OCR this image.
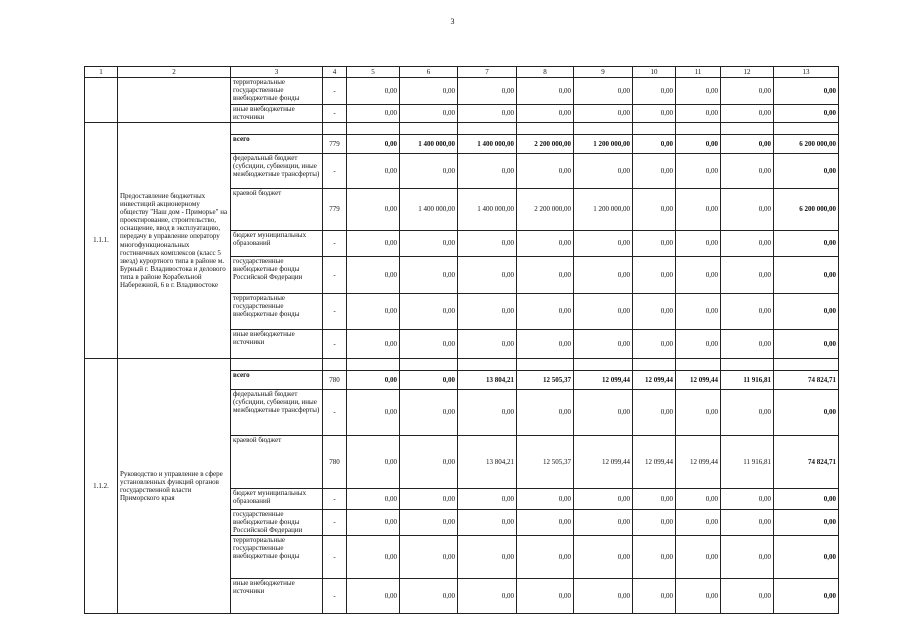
3
1	2	3	4	5	6	7	8	9	10	11	12	13
		территориальные государственные внебюджетные фонды	-	0,00	0,00	0,00	0,00	0,00	0,00	0,00	0,00	0,00
		иные внебюджетные источники	-	0,00	0,00	0,00	0,00	0,00	0,00	0,00	0,00	0,00
1.1.1.	Предоставление бюджетных инвестиций акционерному обществу "Наш дом - Приморье" на проектирование, строительство, оснащение, ввод в эксплуатацию, передачу в управление оператору многофункциональных гостиничных комплексов (класс 5 звезд) курортного типа в районе м. Бурный г. Владивостока и делового типа в районе Корабельной Набережной, 6 в г. Владивостоке											
		всего	779	0,00	1 400 000,00	1 400 000,00	2 200 000,00	1 200 000,00	0,00	0,00	0,00	6 200 000,00
		федеральный бюджет (субсидии, субвенции, иные межбюджетные трансферты)	-	0,00	0,00	0,00	0,00	0,00	0,00	0,00	0,00	0,00
		краевой бюджет	779	0,00	1 400 000,00	1 400 000,00	2 200 000,00	1 200 000,00	0,00	0,00	0,00	6 200 000,00
		бюджет муниципальных образований	-	0,00	0,00	0,00	0,00	0,00	0,00	0,00	0,00	0,00
		государственные внебюджетные фонды Российской Федерации	-	0,00	0,00	0,00	0,00	0,00	0,00	0,00	0,00	0,00
		территориальные государственные внебюджетные фонды	-	0,00	0,00	0,00	0,00	0,00	0,00	0,00	0,00	0,00
		иные внебюджетные источники	-	0,00	0,00	0,00	0,00	0,00	0,00	0,00	0,00	0,00
1.1.2.	Руководство и управление в сфере установленных функций органов государственной власти Приморского края											
		всего	780	0,00	0,00	13 804,21	12 505,37	12 099,44	12 099,44	12 099,44	11 916,81	74 824,71
		федеральный бюджет (субсидии, субвенции, иные межбюджетные трансферты)	-	0,00	0,00	0,00	0,00	0,00	0,00	0,00	0,00	0,00
		краевой бюджет	780	0,00	0,00	13 804,21	12 505,37	12 099,44	12 099,44	12 099,44	11 916,81	74 824,71
		бюджет муниципальных образований	-	0,00	0,00	0,00	0,00	0,00	0,00	0,00	0,00	0,00
		государственные внебюджетные фонды Российской Федерации	-	0,00	0,00	0,00	0,00	0,00	0,00	0,00	0,00	0,00
		территориальные государственные внебюджетные фонды	-	0,00	0,00	0,00	0,00	0,00	0,00	0,00	0,00	0,00
		иные внебюджетные источники	-	0,00	0,00	0,00	0,00	0,00	0,00	0,00	0,00	0,00
